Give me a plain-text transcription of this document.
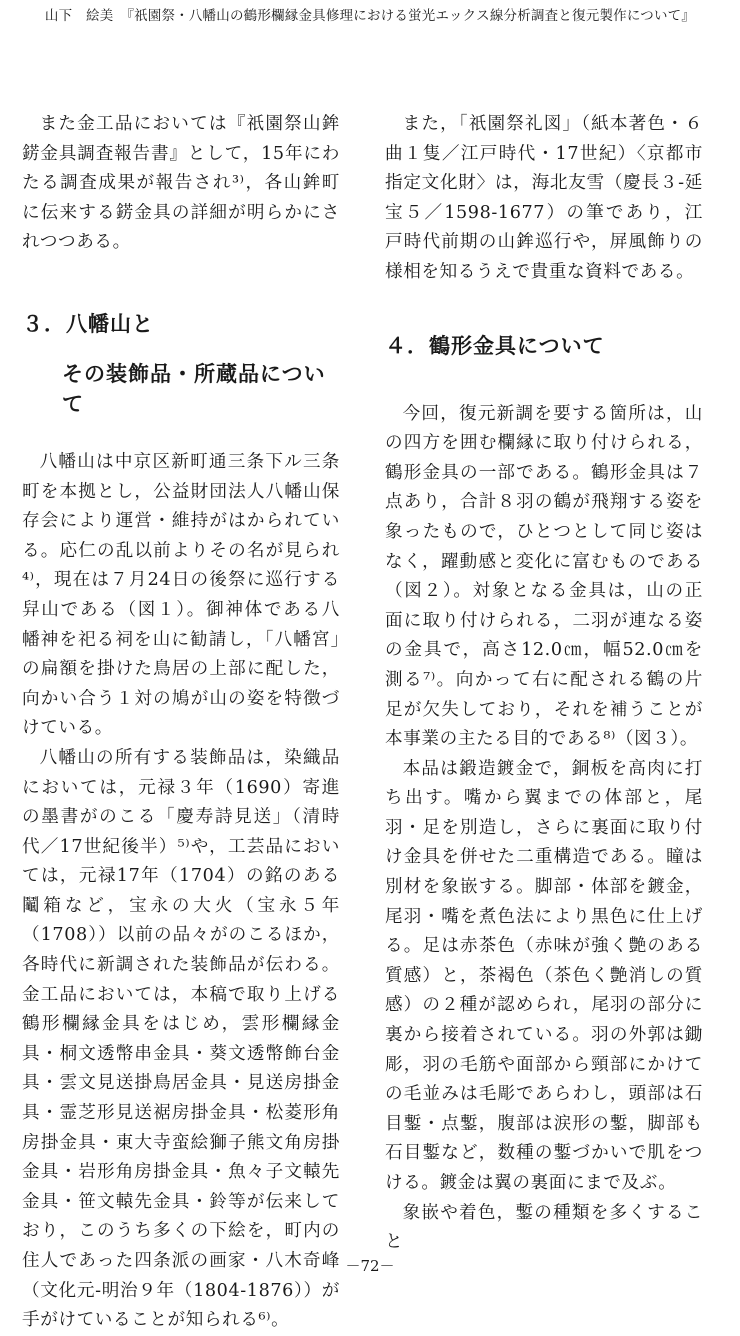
山下　絵美　『祇園祭・八幡山の鶴形欄縁金具修理における蛍光エックス線分析調査と復元製作について』

また金工品においては『祇園祭山鉾錺金具調査報告書』として，15年にわたる調査成果が報告され³⁾，各山鉾町に伝来する錺金具の詳細が明らかにされつつある。

３．八幡山と
その装飾品・所蔵品について

八幡山は中京区新町通三条下ル三条町を本拠とし，公益財団法人八幡山保存会により運営・維持がはかられている。応仁の乱以前よりその名が見られ⁴⁾，現在は７月24日の後祭に巡行する舁山である（図１）。御神体である八幡神を祀る祠を山に勧請し，「八幡宮」の扁額を掛けた鳥居の上部に配した，向かい合う１対の鳩が山の姿を特徴づけている。

八幡山の所有する装飾品は，染織品においては，元禄３年（1690）寄進の墨書がのこる「慶寿詩見送」（清時代／17世紀後半）⁵⁾や，工芸品においては，元禄17年（1704）の銘のある鬮箱など，宝永の大火（宝永５年（1708））以前の品々がのこるほか，各時代に新調された装飾品が伝わる。金工品においては，本稿で取り上げる鶴形欄縁金具をはじめ，雲形欄縁金具・桐文透幣串金具・葵文透幣飾台金具・雲文見送掛鳥居金具・見送房掛金具・霊芝形見送裾房掛金具・松菱形角房掛金具・東大寺蛮絵獅子熊文角房掛金具・岩形角房掛金具・魚々子文轅先金具・笹文轅先金具・鈴等が伝来しており，このうち多くの下絵を，町内の住人であった四条派の画家・八木奇峰（文化元-明治９年（1804-1876））が手がけていることが知られる⁶⁾。

また，「祇園祭礼図」（紙本著色・６曲１隻／江戸時代・17世紀）〈京都市指定文化財〉は，海北友雪（慶長３-延宝５／1598-1677）の筆であり，江戸時代前期の山鉾巡行や，屏風飾りの様相を知るうえで貴重な資料である。

４．鶴形金具について

今回，復元新調を要する箇所は，山の四方を囲む欄縁に取り付けられる，鶴形金具の一部である。鶴形金具は７点あり，合計８羽の鶴が飛翔する姿を象ったもので，ひとつとして同じ姿はなく，躍動感と変化に富むものである（図２）。対象となる金具は，山の正面に取り付けられる，二羽が連なる姿の金具で，高さ12.0㎝，幅52.0㎝を測る⁷⁾。向かって右に配される鶴の片足が欠失しており，それを補うことが本事業の主たる目的である⁸⁾（図３）。

本品は鍛造鍍金で，銅板を高肉に打ち出す。嘴から翼までの体部と，尾羽・足を別造し，さらに裏面に取り付け金具を併せた二重構造である。瞳は別材を象嵌する。脚部・体部を鍍金，尾羽・嘴を煮色法により黒色に仕上げる。足は赤茶色（赤味が強く艶のある質感）と，茶褐色（茶色く艶消しの質感）の２種が認められ，尾羽の部分に裏から接着されている。羽の外郭は鋤彫，羽の毛筋や面部から頸部にかけての毛並みは毛彫であらわし，頭部は石目鏨・点鏨，腹部は涙形の鏨，脚部も石目鏨など，数種の鏨づかいで肌をつける。鍍金は翼の裏面にまで及ぶ。

象嵌や着色，鏨の種類を多くすること

－72－
